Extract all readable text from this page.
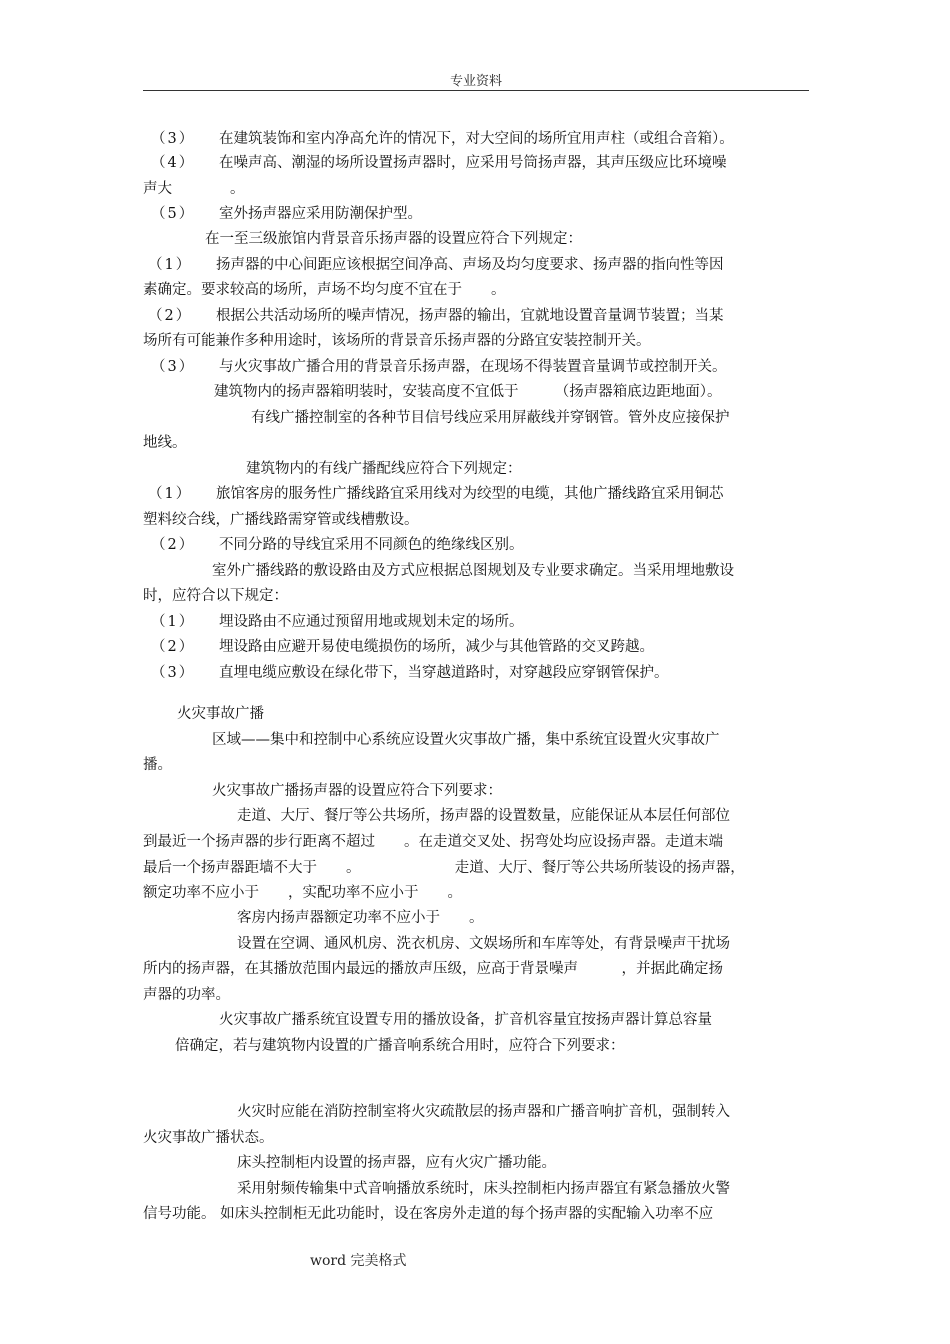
专业资料
（3） 在建筑装饰和室内净高允许的情况下，对大空间的场所宜用声柱（或组合音箱）。
（4） 在噪声高、潮湿的场所设置扬声器时，应采用号筒扬声器，其声压级应比环境噪
声大　　　　。
（5） 室外扬声器应采用防潮保护型。
在一至三级旅馆内背景音乐扬声器的设置应符合下列规定：
（1） 扬声器的中心间距应该根据空间净高、声场及均匀度要求、扬声器的指向性等因
素确定。要求较高的场所，声场不均匀度不宜在于　　。
（2） 根据公共活动场所的噪声情况，扬声器的输出，宜就地设置音量调节装置；当某
场所有可能兼作多种用途时，该场所的背景音乐扬声器的分路宜安装控制开关。
（3） 与火灾事故广播合用的背景音乐扬声器，在现场不得装置音量调节或控制开关。
建筑物内的扬声器箱明装时，安装高度不宜低于　　　（扬声器箱底边距地面）。
有线广播控制室的各种节目信号线应采用屏蔽线并穿钢管。管外皮应接保护
地线。
建筑物内的有线广播配线应符合下列规定：
（1） 旅馆客房的服务性广播线路宜采用线对为绞型的电缆，其他广播线路宜采用铜芯
塑料绞合线，广播线路需穿管或线槽敷设。
（2） 不同分路的导线宜采用不同颜色的绝缘线区别。
室外广播线路的敷设路由及方式应根据总图规划及专业要求确定。当采用埋地敷设
时，应符合以下规定：
（1） 埋设路由不应通过预留用地或规划未定的场所。
（2） 埋设路由应避开易使电缆损伤的场所，减少与其他管路的交叉跨越。
（3） 直埋电缆应敷设在绿化带下，当穿越道路时，对穿越段应穿钢管保护。
火灾事故广播
区域——集中和控制中心系统应设置火灾事故广播，集中系统宜设置火灾事故广
播。
火灾事故广播扬声器的设置应符合下列要求：
走道、大厅、餐厅等公共场所，扬声器的设置数量，应能保证从本层任何部位
到最近一个扬声器的步行距离不超过　　。在走道交叉处、拐弯处均应设扬声器。走道末端
最后一个扬声器距墙不大于　　。　　　　　　　走道、大厅、餐厅等公共场所装设的扬声器，
额定功率不应小于　　，实配功率不应小于　　。
客房内扬声器额定功率不应小于　　。
设置在空调、通风机房、洗衣机房、文娱场所和车库等处，有背景噪声干扰场
所内的扬声器，在其播放范围内最远的播放声压级，应高于背景噪声　　　，并据此确定扬
声器的功率。
火灾事故广播系统宜设置专用的播放设备，扩音机容量宜按扬声器计算总容量
倍确定，若与建筑物内设置的广播音响系统合用时，应符合下列要求：
火灾时应能在消防控制室将火灾疏散层的扬声器和广播音响扩音机，强制转入
火灾事故广播状态。
床头控制柜内设置的扬声器，应有火灾广播功能。
采用射频传输集中式音响播放系统时，床头控制柜内扬声器宜有紧急播放火警
信号功能。 如床头控制柜无此功能时，设在客房外走道的每个扬声器的实配输入功率不应
word 完美格式
